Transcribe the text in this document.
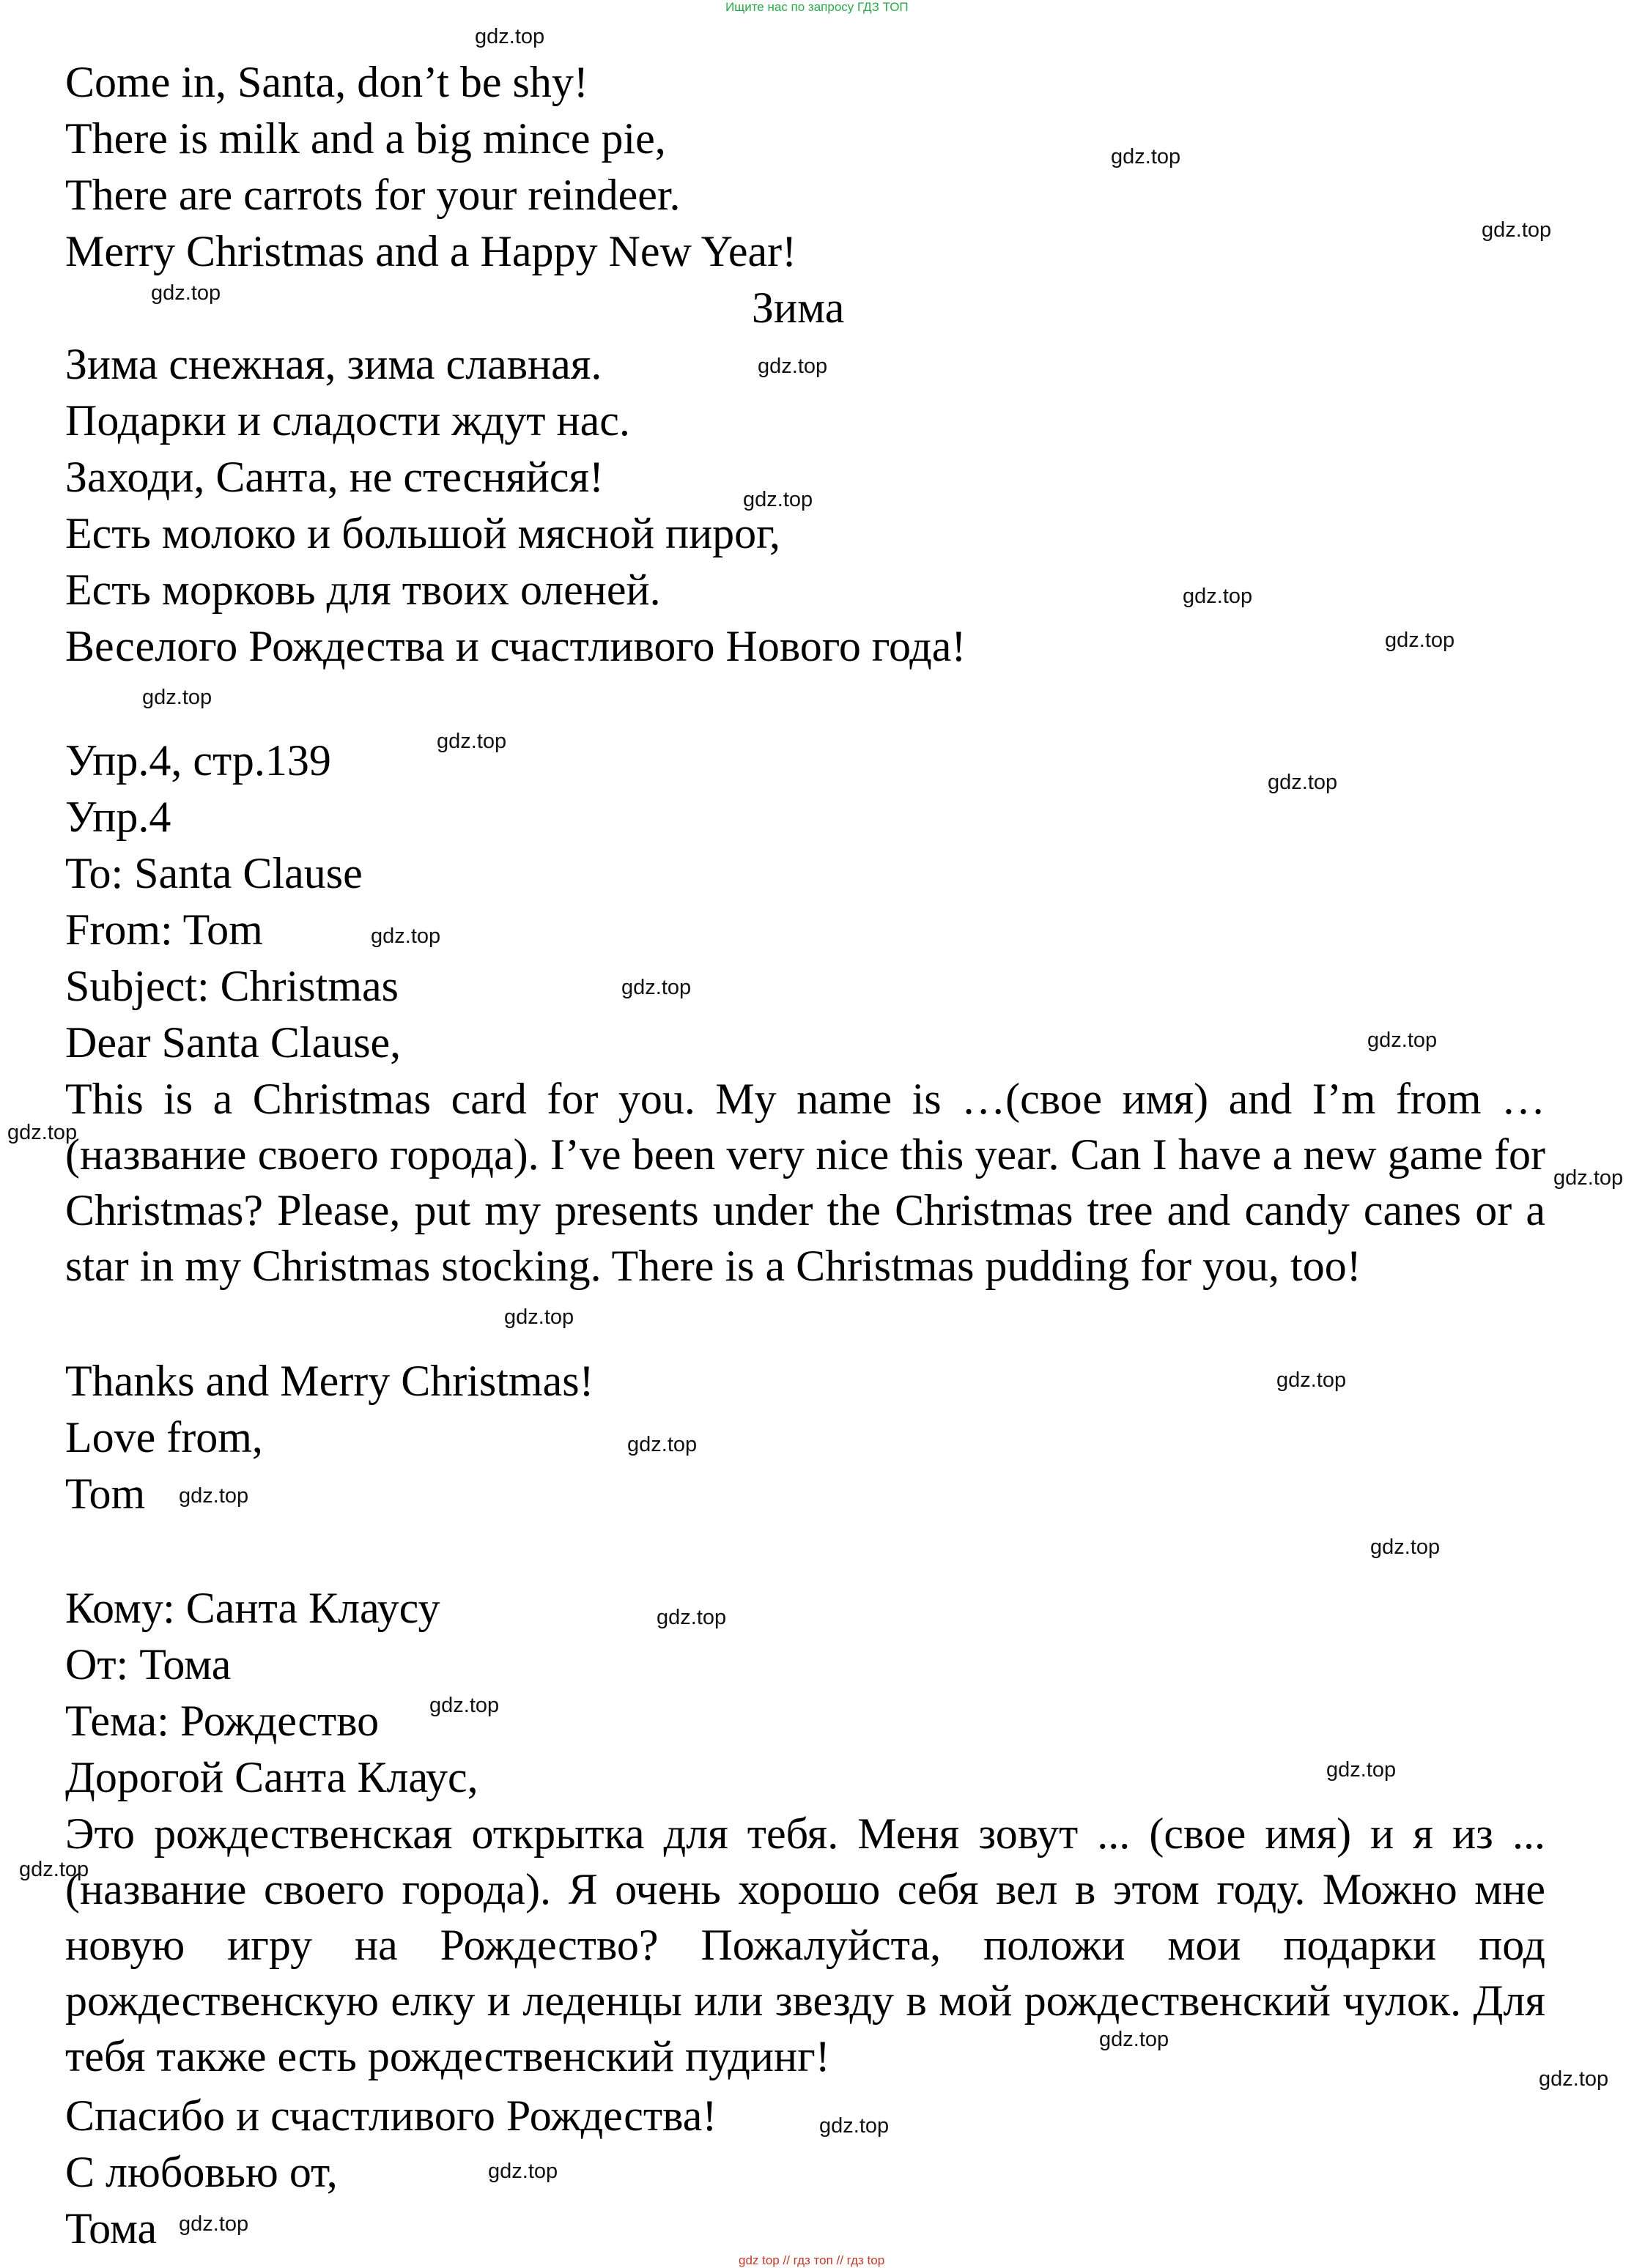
Ищите нас по запросу ГДЗ ТОП
Come in, Santa, don’t be shy!
There is milk and a big mince pie,
There are carrots for your reindeer.
Merry Christmas and a Happy New Year!
Зима
Зима снежная, зима славная.
Подарки и сладости ждут нас.
Заходи, Санта, не стесняйся!
Есть молоко и большой мясной пирог,
Есть морковь для твоих оленей.
Веселого Рождества и счастливого Нового года!
Упр.4, стр.139
Упр.4
To: Santa Clause
From: Tom
Subject: Christmas
Dear Santa Clause,
This is a Christmas card for you. My name is …(свое имя) and I’m from … (название своего города). I’ve been very nice this year. Can I have a new game for Christmas? Please, put my presents under the Christmas tree and candy canes or a star in my Christmas stocking. There is a Christmas pudding for you, too!
Thanks and Merry Christmas!
Love from,
Tom
Кому: Санта Клаусу
От: Тома
Тема: Рождество
Дорогой Санта Клаус,
Это рождественская открытка для тебя. Меня зовут ... (свое имя) и я из ... (название своего города). Я очень хорошо себя вел в этом году. Можно мне новую игру на Рождество? Пожалуйста, положи мои подарки под рождественскую елку и леденцы или звезду в мой рождественский чулок. Для тебя также есть рождественский пудинг!
Спасибо и счастливого Рождества!
С любовью от,
Тома
gdz.top
gdz.top
gdz.top
gdz.top
gdz.top
gdz.top
gdz.top
gdz.top
gdz.top
gdz.top
gdz.top
gdz.top
gdz.top
gdz.top
gdz.top
gdz.top
gdz.top
gdz.top
gdz.top
gdz.top
gdz.top
gdz.top
gdz.top
gdz.top
gdz.top
gdz.top
gdz.top
gdz.top
gdz.top
gdz.top
gdz top // гдз топ // гдз top
